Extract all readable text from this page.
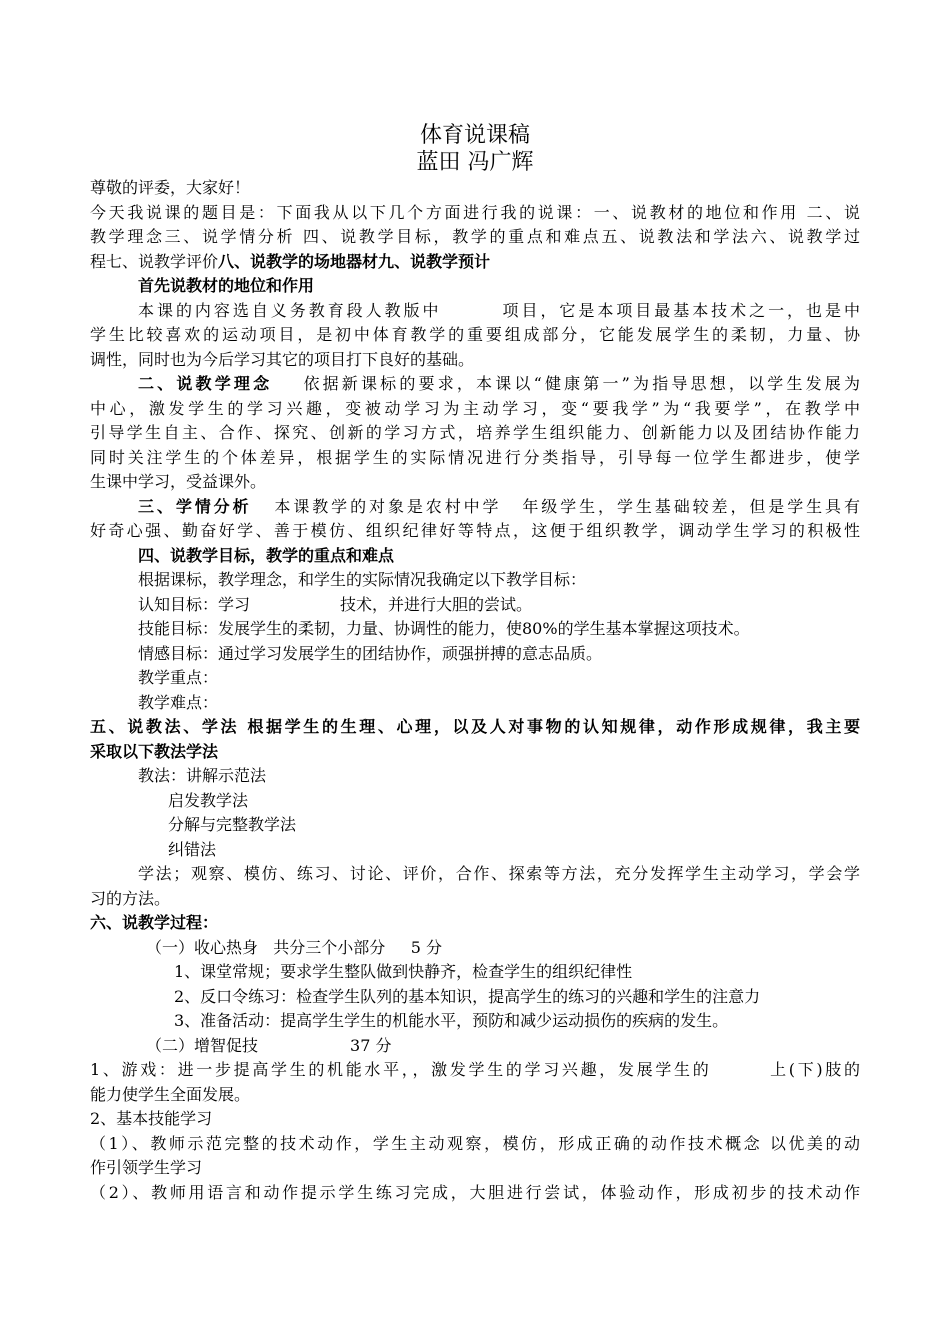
体育说课稿
蓝田 冯广辉
尊敬的评委，大家好！
今天我说课的题目是：下面我从以下几个方面进行我的说课：一、说教材的地位和作用 二、说
教学理念三、说学情分析 四、说教学目标，教学的重点和难点五、说教法和学法六、说教学过
程七、说教学评价八、说教学的场地器材九、说教学预计
首先说教材的地位和作用
本课的内容选自义务教育段人教版中	项目，它是本项目最基本技术之一，也是中
学生比较喜欢的运动项目，是初中体育教学的重要组成部分，它能发展学生的柔韧，力量、协
调性，同时也为今后学习其它的项目打下良好的基础。
二、说教学理念 依据新课标的要求，本课以“健康第一”为指导思想，以学生发展为
中心，激发学生的学习兴趣，变被动学习为主动学习，变“要我学”为“我要学”，在教学中
引导学生自主、合作、探究、创新的学习方式，培养学生组织能力、创新能力以及团结协作能力
同时关注学生的个体差异，根据学生的实际情况进行分类指导，引导每一位学生都进步，使学
生课中学习，受益课外。
三、学情分析 本课教学的对象是农村中学 年级学生，学生基础较差，但是学生具有
好奇心强、勤奋好学、善于模仿、组织纪律好等特点，这便于组织教学，调动学生学习的积极性
四、说教学目标，教学的重点和难点
根据课标，教学理念，和学生的实际情况我确定以下教学目标：
认知目标：学习	技术，并进行大胆的尝试。
技能目标：发展学生的柔韧，力量、协调性的能力，使80%的学生基本掌握这项技术。
情感目标：通过学习发展学生的团结协作，顽强拼搏的意志品质。
教学重点：
教学难点：
五、说教法、学法 根据学生的生理、心理，以及人对事物的认知规律，动作形成规律，我主要
采取以下教法学法
教法：讲解示范法
启发教学法
分解与完整教学法
纠错法
学法；观察、模仿、练习、讨论、评价，合作、探索等方法，充分发挥学生主动学习，学会学
习的方法。
六、说教学过程：
（一）收心热身   共分三个小部分     5 分
1、课堂常规；要求学生整队做到快静齐，检查学生的组织纪律性
2、反口令练习：检查学生队列的基本知识，提高学生的练习的兴趣和学生的注意力
3、准备活动：提高学生学生的机能水平，预防和减少运动损伤的疾病的发生。
（二）增智促技	37 分
1、游戏：进一步提高学生的机能水平，，激发学生的学习兴趣，发展学生的	上(下)肢的
能力使学生全面发展。
2、基本技能学习
（1）、教师示范完整的技术动作，学生主动观察，模仿，形成正确的动作技术概念 以优美的动
作引领学生学习
（2）、教师用语言和动作提示学生练习完成，大胆进行尝试，体验动作，形成初步的技术动作
